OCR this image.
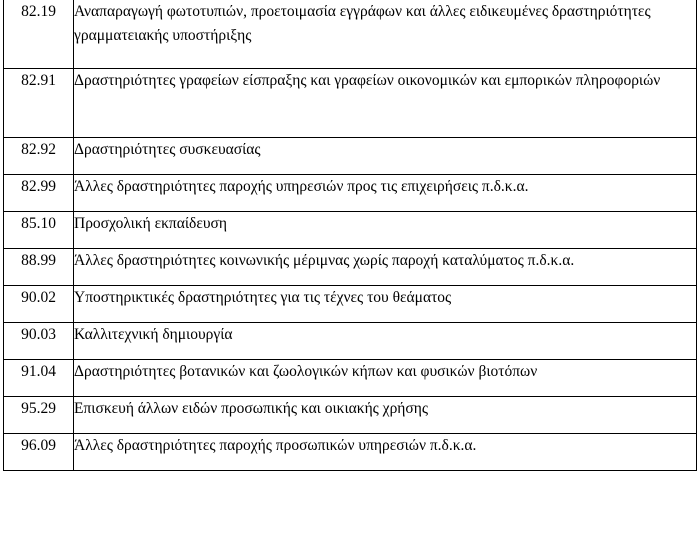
82.19	Αναπαραγωγή φωτοτυπιών, προετοιμασία εγγράφων και άλλες ειδικευμένες δραστηριότητες γραμματειακής υποστήριξης
82.91	Δραστηριότητες γραφείων είσπραξης και γραφείων οικονομικών και εμπορικών πληροφοριών
82.92	Δραστηριότητες συσκευασίας
82.99	Άλλες δραστηριότητες παροχής υπηρεσιών προς τις επιχειρήσεις π.δ.κ.α.
85.10	Προσχολική εκπαίδευση
88.99	Άλλες δραστηριότητες κοινωνικής μέριμνας χωρίς παροχή καταλύματος π.δ.κ.α.
90.02	Υποστηρικτικές δραστηριότητες για τις τέχνες του θεάματος
90.03	Καλλιτεχνική δημιουργία
91.04	Δραστηριότητες βοτανικών και ζωολογικών κήπων και φυσικών βιοτόπων
95.29	Επισκευή άλλων ειδών προσωπικής και οικιακής χρήσης
96.09	Άλλες δραστηριότητες παροχής προσωπικών υπηρεσιών π.δ.κ.α.
